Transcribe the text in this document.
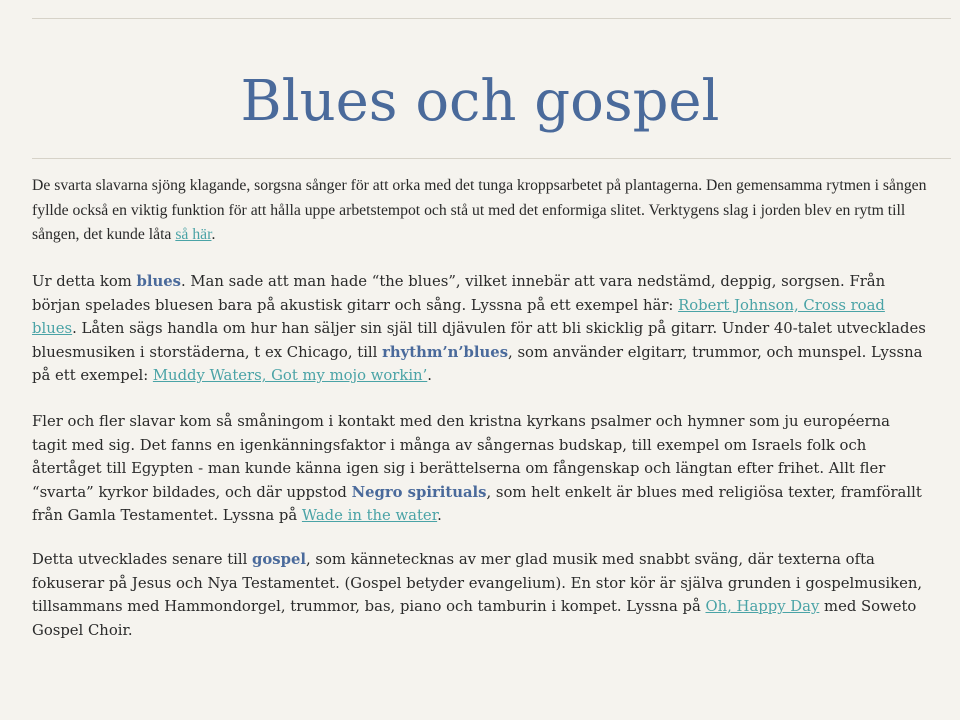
Blues och gospel

De svarta slavarna sjöng klagande, sorgsna sånger för att orka med det tunga kroppsarbetet på plantagerna. Den gemensamma rytmen i sången fyllde också en viktig funktion för att hålla uppe arbetstempot och stå ut med det enformiga slitet. Verktygens slag i jorden blev en rytm till sången, det kunde låta så här.

Ur detta kom blues. Man sade att man hade “the blues”, vilket innebär att vara nedstämd, deppig, sorgsen. Från början spelades bluesen bara på akustisk gitarr och sång. Lyssna på ett exempel här: Robert Johnson, Cross road blues. Låten sägs handla om hur han säljer sin själ till djävulen för att bli skicklig på gitarr. Under 40-talet utvecklades bluesmusiken i storstäderna, t ex Chicago, till rhythm’n’blues, som använder elgitarr, trummor, och munspel. Lyssna på ett exempel: Muddy Waters, Got my mojo workin’.

Fler och fler slavar kom så småningom i kontakt med den kristna kyrkans psalmer och hymner som ju européerna tagit med sig. Det fanns en igenkänningsfaktor i många av sångernas budskap, till exempel om Israels folk och återtåget till Egypten - man kunde känna igen sig i berättelserna om fångenskap och längtan efter frihet. Allt fler “svarta” kyrkor bildades, och där uppstod Negro spirituals, som helt enkelt är blues med religiösa texter, framförallt från Gamla Testamentet. Lyssna på Wade in the water.

Detta utvecklades senare till gospel, som kännetecknas av mer glad musik med snabbt sväng, där texterna ofta fokuserar på Jesus och Nya Testamentet. (Gospel betyder evangelium). En stor kör är själva grunden i gospelmusiken, tillsammans med Hammondorgel, trummor, bas, piano och tamburin i kompet. Lyssna på Oh, Happy Day med Soweto Gospel Choir.
